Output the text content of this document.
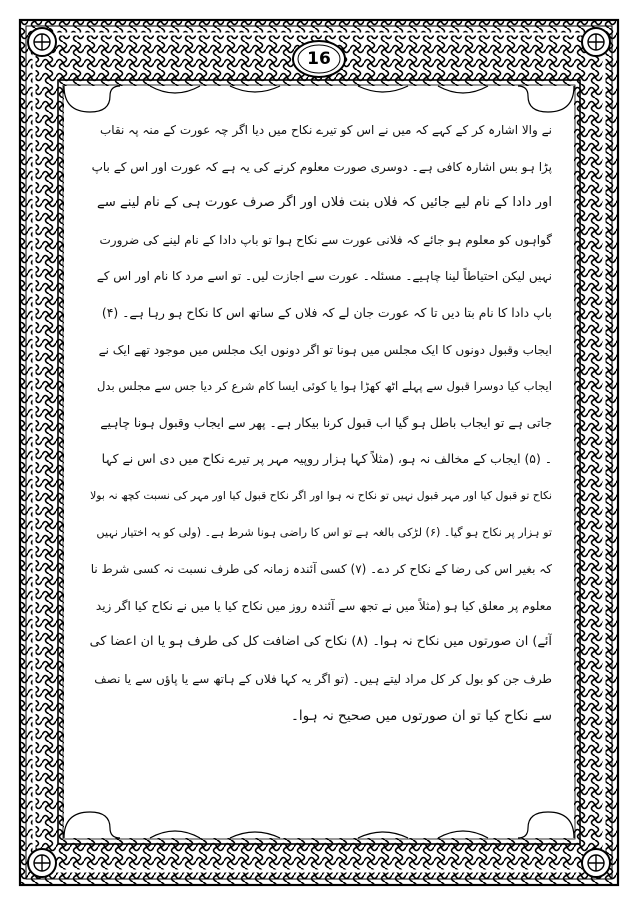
16
نے والا اشارہ کر کے کہے کہ میں نے اس کو تیرے نکاح میں دیا اگر چہ عورت کے منہ پہ نقاب
پڑا ہو بس اشارہ کافی ہے۔ دوسری صورت معلوم کرنے کی یہ ہے کہ عورت اور اس کے باپ
اور دادا کے نام لیے جائیں کہ فلاں بنت فلاں اور اگر صرف عورت ہی کے نام لینے سے
گواہوں کو معلوم ہو جائے کہ فلانی عورت سے نکاح ہوا تو باپ دادا کے نام لینے کی ضرورت
نہیں لیکن احتیاطاً لینا چاہیے۔ مسئلہ۔ عورت سے اجازت لیں۔ تو اسے مرد کا نام اور اس کے
باپ دادا کا نام بتا دیں تا کہ عورت جان لے کہ فلاں کے ساتھ اس کا نکاح ہو رہا ہے۔ (۴)
ایجاب وقبول دونوں کا ایک مجلس میں ہونا تو اگر دونوں ایک مجلس میں موجود تھے ایک نے
ایجاب کیا دوسرا قبول سے پہلے اٹھ کھڑا ہوا یا کوئی ایسا کام شرع کر دیا جس سے مجلس بدل
جاتی ہے تو ایجاب باطل ہو گیا اب قبول کرنا بیکار ہے۔ پھر سے ایجاب وقبول ہونا چاہیے
۔ (۵) ایجاب کے مخالف نہ ہو، (مثلاً کہا ہزار روپیہ مہر پر تیرے نکاح میں دی اس نے کہا
نکاح تو قبول کیا اور مہر قبول نہیں تو نکاح نہ ہوا اور اگر نکاح قبول کیا اور مہر کی نسبت کچھ نہ بولا
تو ہزار پر نکاح ہو گیا۔ (۶) لڑکی بالغہ ہے تو اس کا راضی ہونا شرط ہے۔ (ولی کو یہ اختیار نہیں
کہ بغیر اس کی رضا کے نکاح کر دے۔ (۷) کسی آئندہ زمانہ کی طرف نسبت نہ کسی شرط نا
معلوم پر معلق کیا ہو (مثلاً میں نے تجھ سے آئندہ روز میں نکاح کیا یا میں نے نکاح کیا اگر زید
آئے) ان صورتوں میں نکاح نہ ہوا۔ (۸) نکاح کی اضافت کل کی طرف ہو یا ان اعضا کی
طرف جن کو بول کر کل مراد لیتے ہیں۔ (تو اگر یہ کہا فلاں کے ہاتھ سے یا پاؤں سے یا نصف
سے نکاح کیا تو ان صورتوں میں صحیح نہ ہوا۔
